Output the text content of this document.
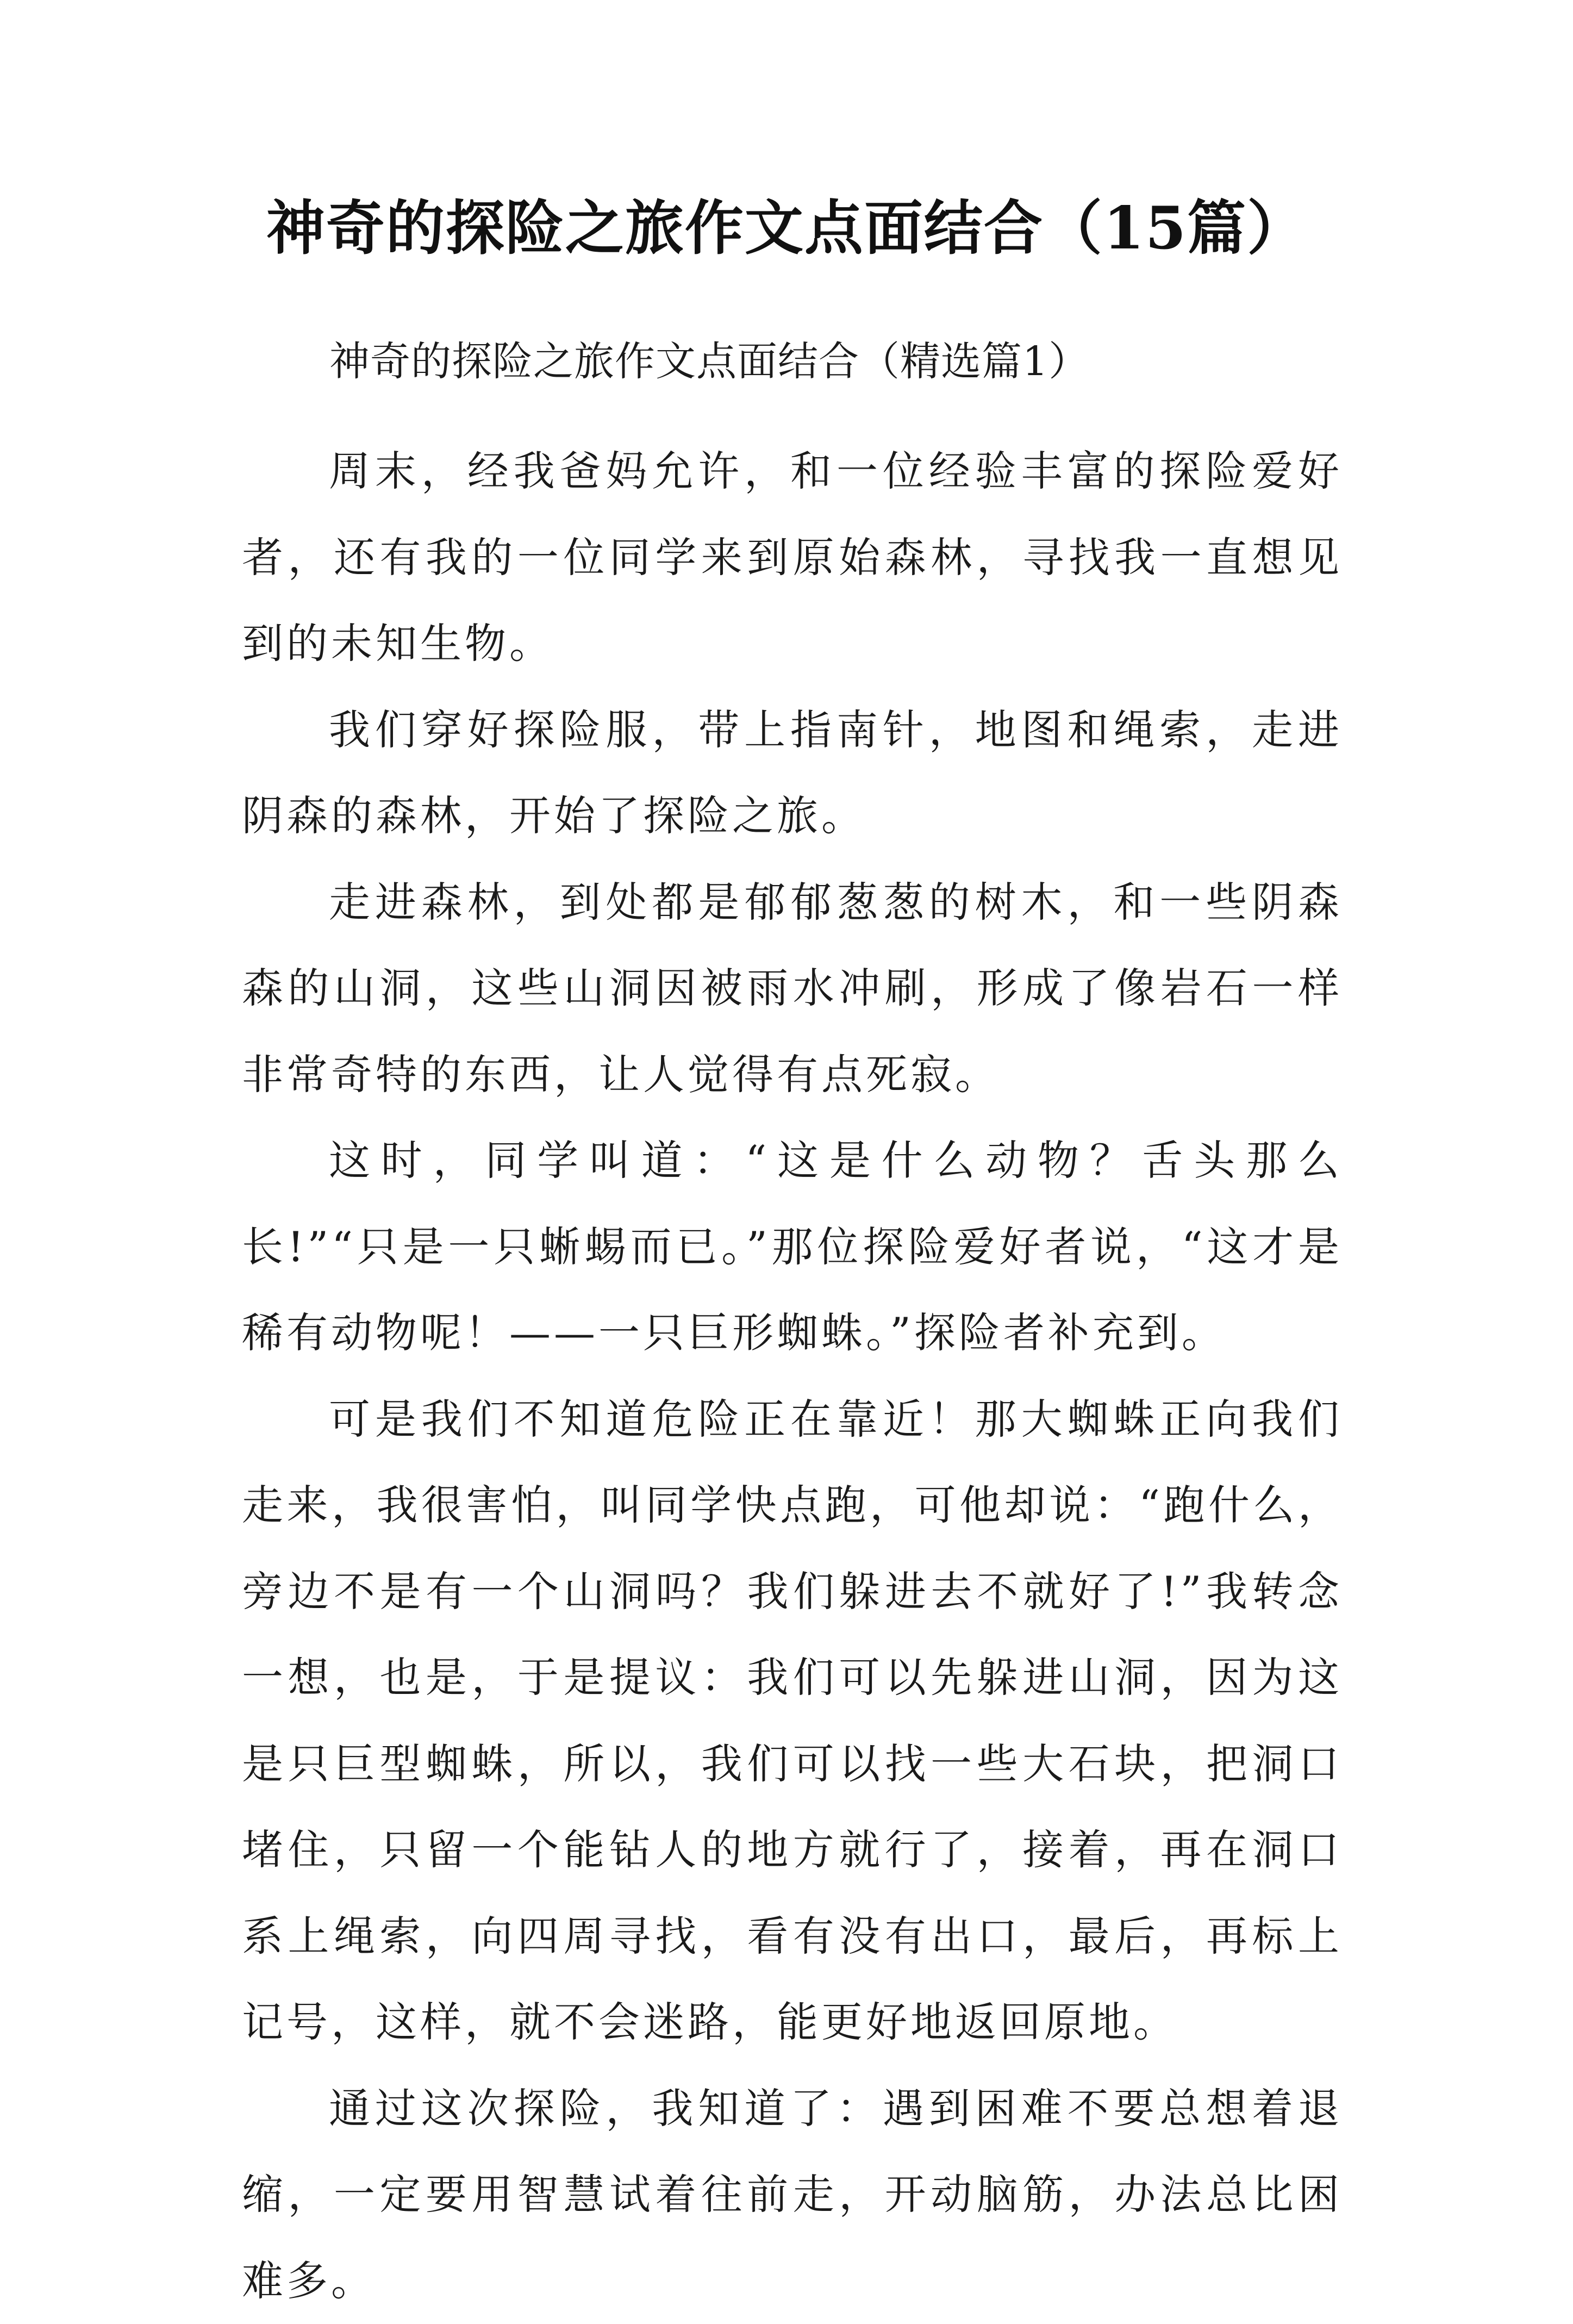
神奇的探险之旅作文点面结合（15篇）
神奇的探险之旅作文点面结合（精选篇1）

周末，经我爸妈允许，和一位经验丰富的探险爱好者，还有我的一位同学来到原始森林，寻找我一直想见到的未知生物。

我们穿好探险服，带上指南针，地图和绳索，走进阴森的森林，开始了探险之旅。

走进森林，到处都是郁郁葱葱的树木，和一些阴森森的山洞，这些山洞因被雨水冲刷，形成了像岩石一样非常奇特的东西，让人觉得有点死寂。

这时，同学叫道：“这是什么动物？舌头那么长!”“只是一只蜥蜴而已。”那位探险爱好者说，“这才是稀有动物呢！——一只巨形蜘蛛。”探险者补充到。

可是我们不知道危险正在靠近！那大蜘蛛正向我们走来，我很害怕，叫同学快点跑，可他却说：“跑什么，旁边不是有一个山洞吗？我们躲进去不就好了!”我转念一想，也是，于是提议：我们可以先躲进山洞，因为这是只巨型蜘蛛，所以，我们可以找一些大石块，把洞口堵住，只留一个能钻人的地方就行了，接着，再在洞口系上绳索，向四周寻找，看有没有出口，最后，再标上记号，这样，就不会迷路，能更好地返回原地。

通过这次探险，我知道了：遇到困难不要总想着退缩，一定要用智慧试着往前走，开动脑筋，办法总比困难多。
